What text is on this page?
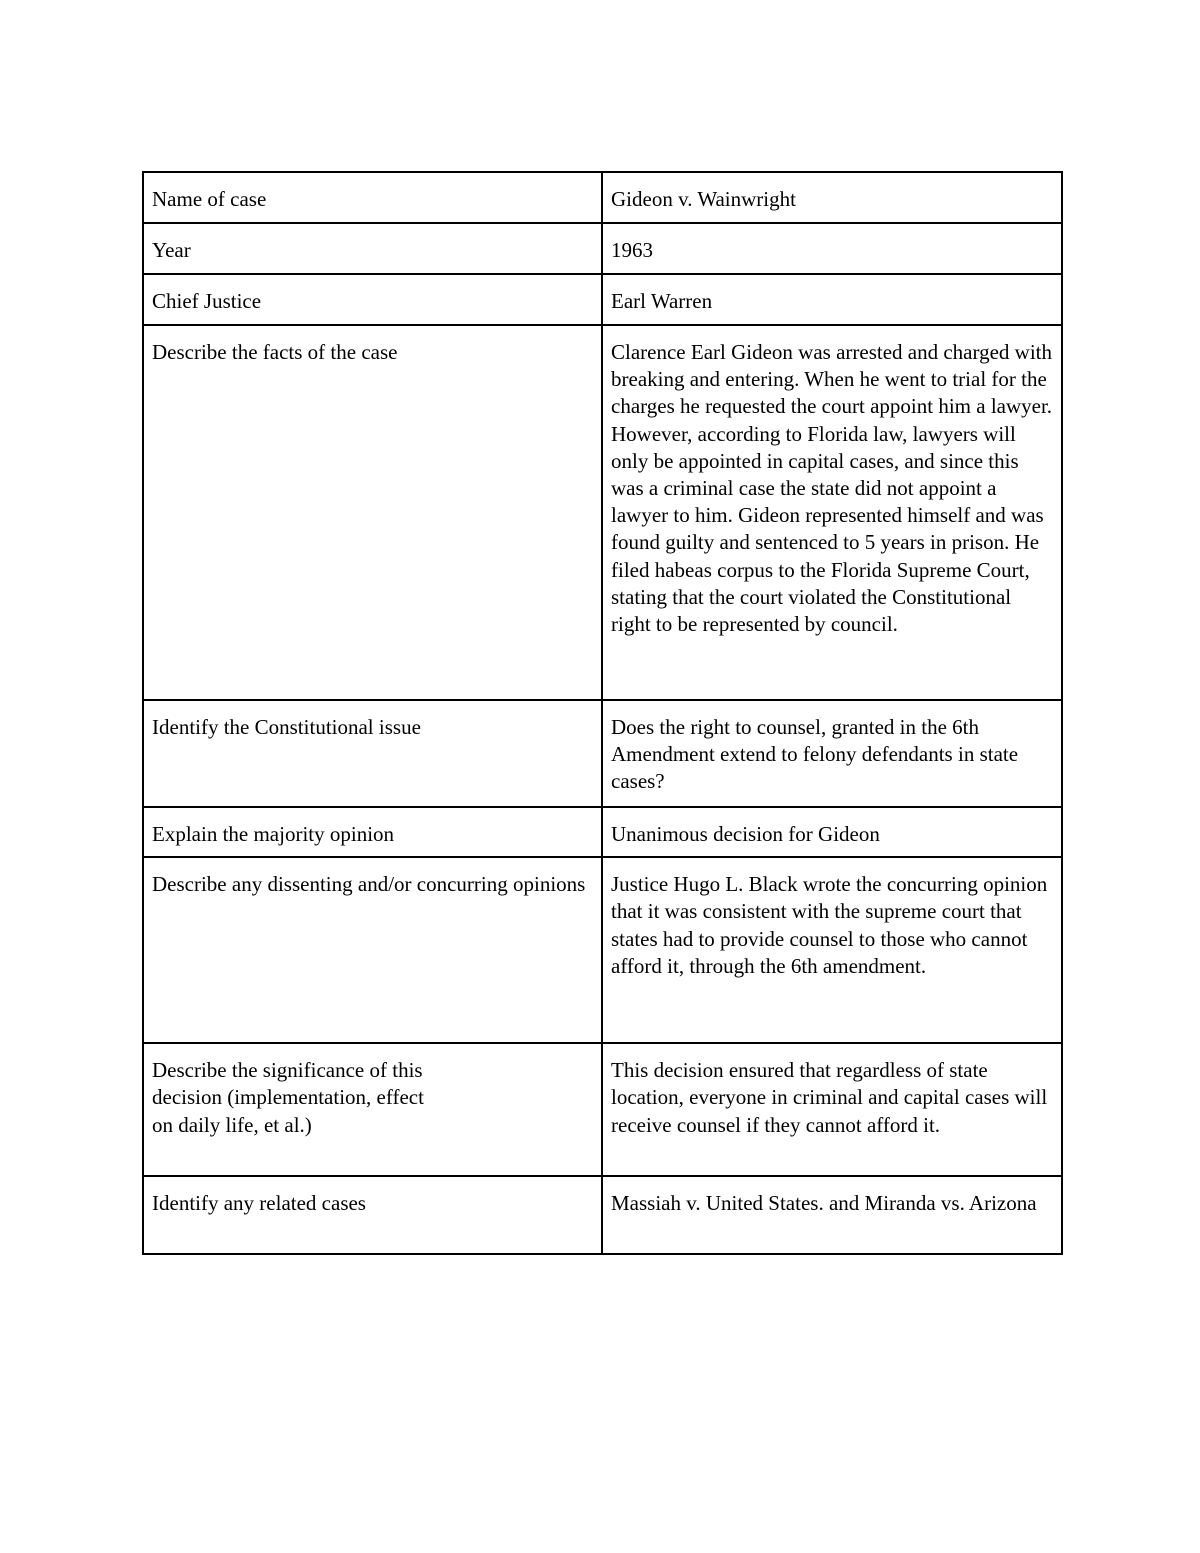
Name of case	Gideon v. Wainwright
Year	1963
Chief Justice	Earl Warren
Describe the facts of the case	Clarence Earl Gideon was arrested and charged with breaking and entering. When he went to trial for the charges he requested the court appoint him a lawyer. However, according to Florida law, lawyers will only be appointed in capital cases, and since this was a criminal case the state did not appoint a lawyer to him. Gideon represented himself and was found guilty and sentenced to 5 years in prison. He filed habeas corpus to the Florida Supreme Court, stating that the court violated the Constitutional right to be represented by council.
Identify the Constitutional issue	Does the right to counsel, granted in the 6th Amendment extend to felony defendants in state cases?
Explain the majority opinion	Unanimous decision for Gideon
Describe any dissenting and/or concurring opinions	Justice Hugo L. Black wrote the concurring opinion that it was consistent with the supreme court that states had to provide counsel to those who cannot afford it, through the 6th amendment.
Describe the significance of this
decision (implementation, effect
on daily life, et al.)	This decision ensured that regardless of state location, everyone in criminal and capital cases will receive counsel if they cannot afford it.
Identify any related cases	Massiah v. United States. and Miranda vs. Arizona
